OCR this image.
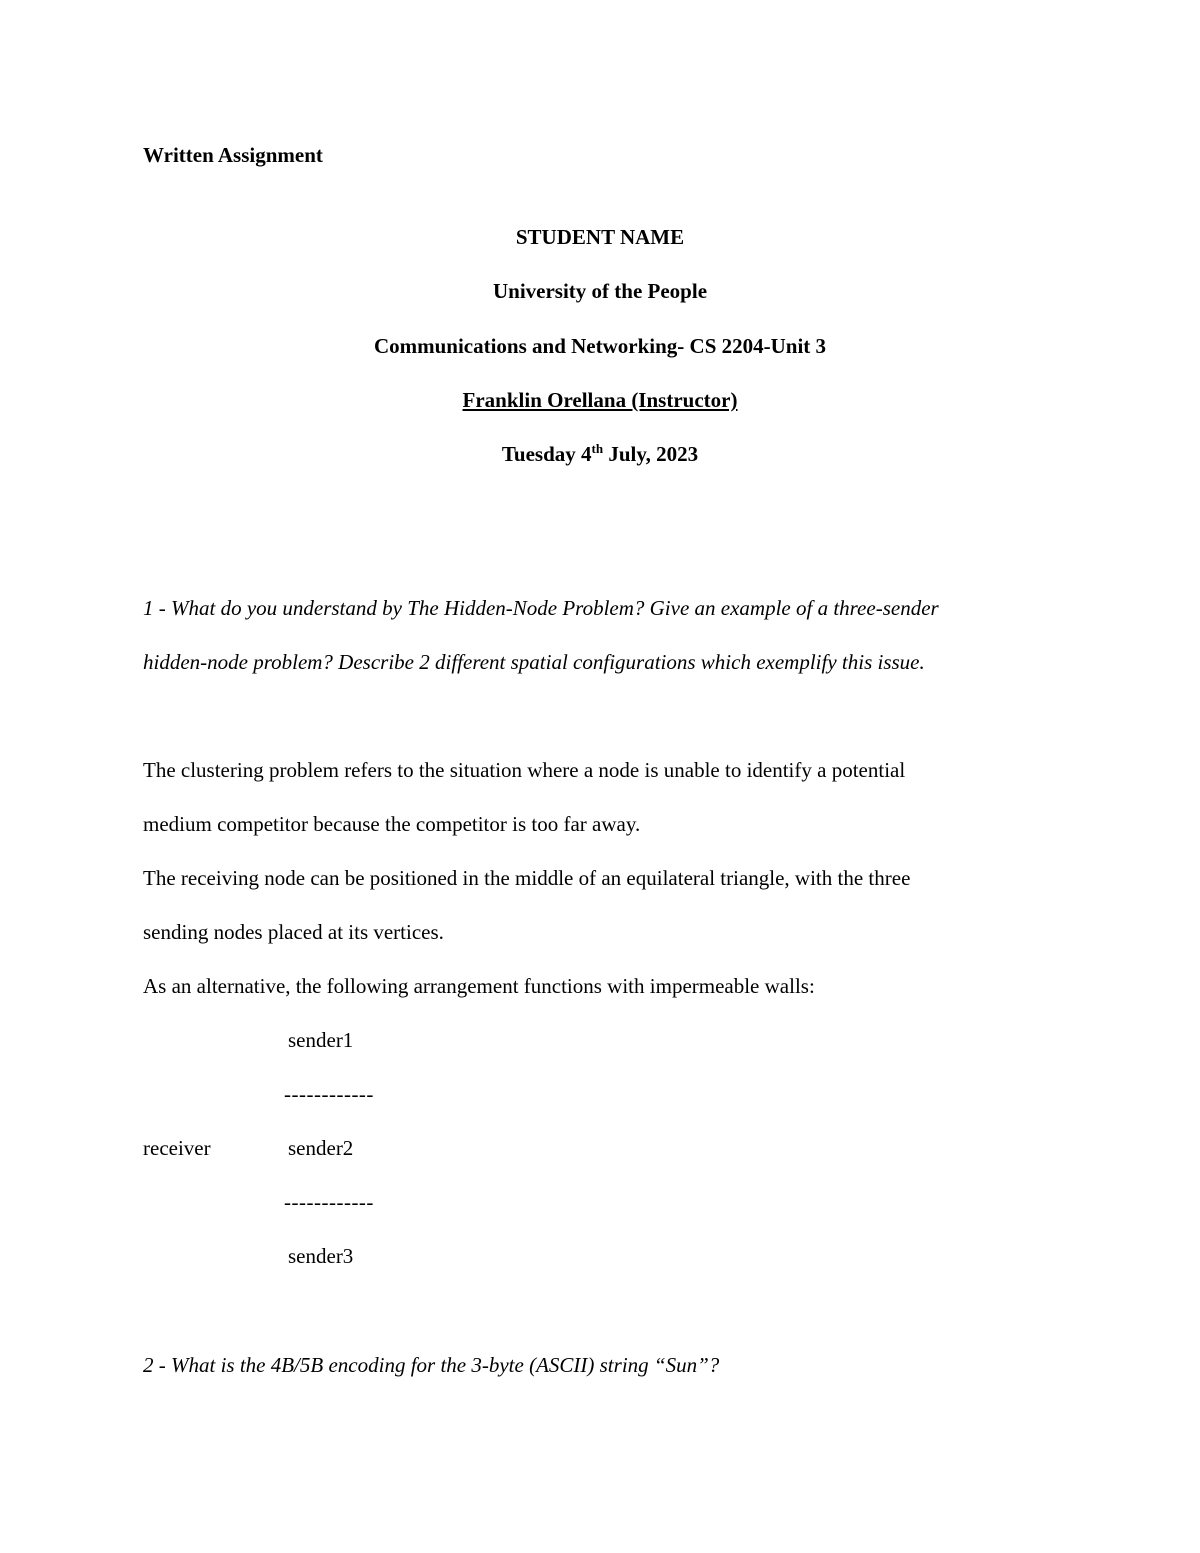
Written Assignment
STUDENT NAME
University of the People
Communications and Networking- CS 2204-Unit 3
Franklin Orellana (Instructor)
Tuesday 4th July, 2023
1 - What do you understand by The Hidden-Node Problem? Give an example of a three-sender
hidden-node problem? Describe 2 different spatial configurations which exemplify this issue.
The clustering problem refers to the situation where a node is unable to identify a potential
medium competitor because the competitor is too far away.
The receiving node can be positioned in the middle of an equilateral triangle, with the three
sending nodes placed at its vertices.
As an alternative, the following arrangement functions with impermeable walls:
sender1
------------
receiver	sender2
------------
sender3
2 - What is the 4B/5B encoding for the 3-byte (ASCII) string “Sun”?
